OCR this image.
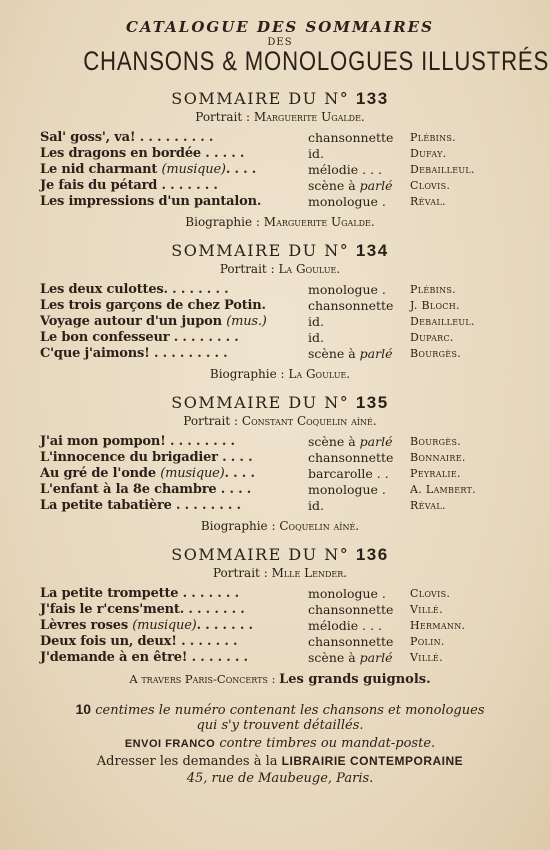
CATALOGUE DES SOMMAIRES
DES
CHANSONS & MONOLOGUES ILLUSTRÉS
SOMMAIRE DU N° 133
Portrait : Marguerite Ugalde.
Sal' goss', va! . . . . . . . . .	chansonnette Plébins.
Les dragons en bordée . . . . .	id.	Dufay.
Le nid charmant (musique). . . .	mélodie . . .	Debailleul.
Je fais du pétard . . . . . . .	scène à parlé Clovis.
Les impressions d'un pantalon.	monologue . Réval.
Biographie : Marguerite Ugalde.
SOMMAIRE DU N° 134
Portrait : La Goulue.
Les deux culottes. . . . . . . .	monologue . Plébins.
Les trois garçons de chez Potin.	chansonnette J. Bloch.
Voyage autour d'un jupon (mus.)	id.	Debailleul.
Le bon confesseur . . . . . . . .	id.	Duparc.
C'que j'aimons! . . . . . . . . .	scène à parlé Bourgès.
Biographie : La Goulue.
SOMMAIRE DU N° 135
Portrait : Constant Coquelin aîné.
J'ai mon pompon! . . . . . . . .	scène à parlé Bourgès.
L'innocence du brigadier . . . .	chansonnette Bonnaire.
Au gré de l'onde (musique). . . .	barcarolle . . Peyralie.
L'enfant à la 8e chambre . . . .	monologue . A. Lambert.
La petite tabatière . . . . . . . .	id.	Réval.
Biographie : Coquelin aîné.
SOMMAIRE DU N° 136
Portrait : Mlle Lender.
La petite trompette . . . . . . .	monologue . Clovis.
J'fais le r'cens'ment. . . . . . . .	chansonnette Villé.
Lèvres roses (musique). . . . . . .	mélodie . . .	Hermann.
Deux fois un, deux! . . . . . . .	chansonnette Polin.
J'demande à en être! . . . . . . .	scène à parlé Villé.
A travers Paris-Concerts : Les grands guignols.
10 centimes le numéro contenant les chansons et monologues
qui s'y trouvent détaillés.
ENVOI FRANCO contre timbres ou mandat-poste.
Adresser les demandes à la LIBRAIRIE CONTEMPORAINE
45, rue de Maubeuge, Paris.
